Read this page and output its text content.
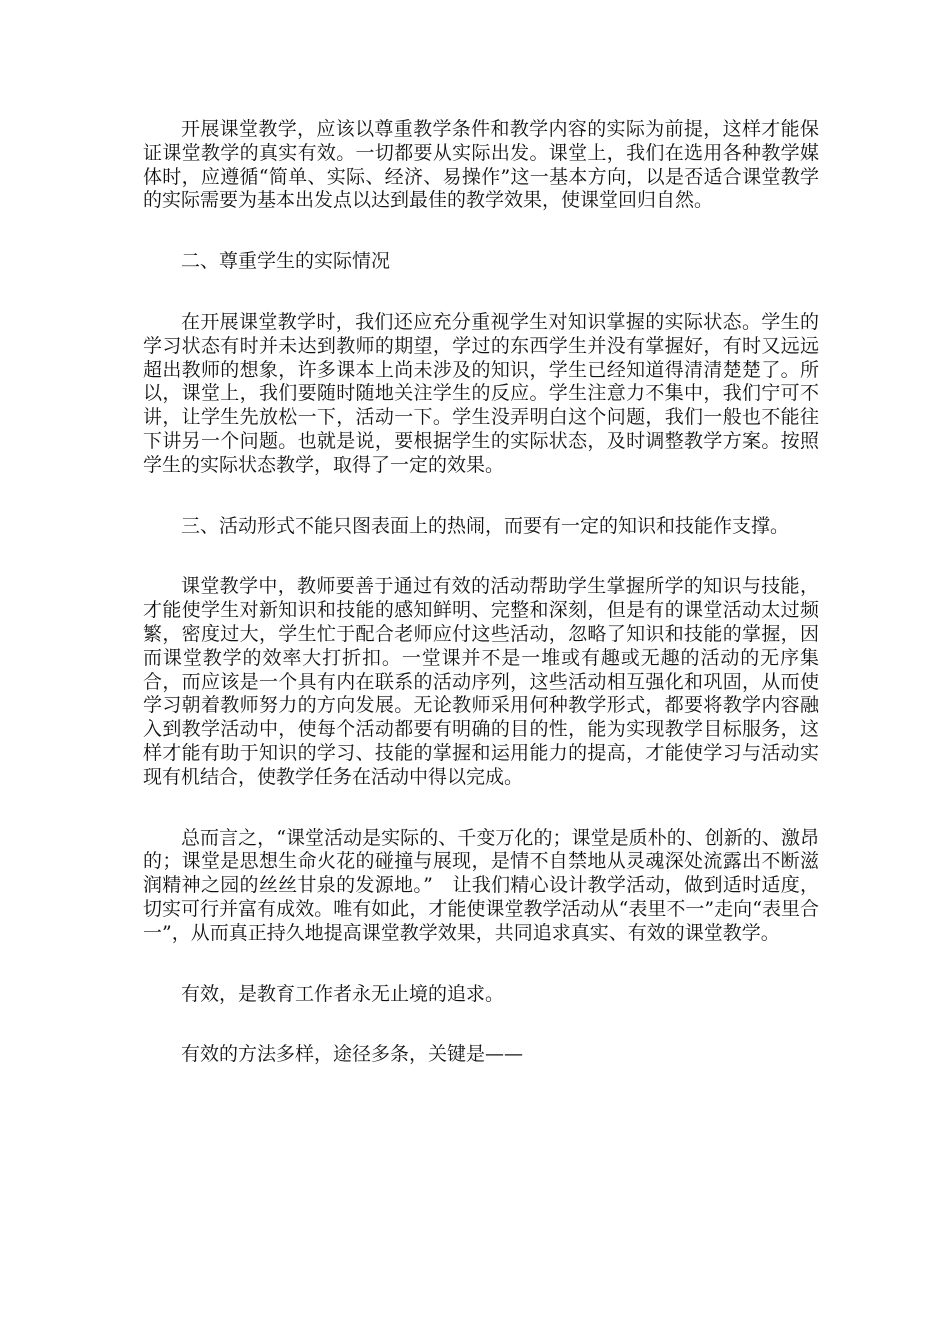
开展课堂教学，应该以尊重教学条件和教学内容的实际为前提，这样才能保证课堂教学的真实有效。一切都要从实际出发。课堂上，我们在选用各种教学媒体时，应遵循“简单、实际、经济、易操作”这一基本方向，以是否适合课堂教学的实际需要为基本出发点以达到最佳的教学效果，使课堂回归自然。

二、尊重学生的实际情况

在开展课堂教学时，我们还应充分重视学生对知识掌握的实际状态。学生的学习状态有时并未达到教师的期望，学过的东西学生并没有掌握好，有时又远远超出教师的想象，许多课本上尚未涉及的知识，学生已经知道得清清楚楚了。所以，课堂上，我们要随时随地关注学生的反应。学生注意力不集中，我们宁可不讲，让学生先放松一下，活动一下。学生没弄明白这个问题，我们一般也不能往下讲另一个问题。也就是说，要根据学生的实际状态，及时调整教学方案。按照学生的实际状态教学，取得了一定的效果。

三、活动形式不能只图表面上的热闹，而要有一定的知识和技能作支撑。

课堂教学中，教师要善于通过有效的活动帮助学生掌握所学的知识与技能，才能使学生对新知识和技能的感知鲜明、完整和深刻，但是有的课堂活动太过频繁，密度过大，学生忙于配合老师应付这些活动，忽略了知识和技能的掌握，因而课堂教学的效率大打折扣。一堂课并不是一堆或有趣或无趣的活动的无序集合，而应该是一个具有内在联系的活动序列，这些活动相互强化和巩固，从而使学习朝着教师努力的方向发展。无论教师采用何种教学形式，都要将教学内容融入到教学活动中，使每个活动都要有明确的目的性，能为实现教学目标服务，这样才能有助于知识的学习、技能的掌握和运用能力的提高，才能使学习与活动实现有机结合，使教学任务在活动中得以完成。

总而言之，“课堂活动是实际的、千变万化的；课堂是质朴的、创新的、激昂的；课堂是思想生命火花的碰撞与展现，是情不自禁地从灵魂深处流露出不断滋润精神之园的丝丝甘泉的发源地。”　让我们精心设计教学活动，做到适时适度，切实可行并富有成效。唯有如此，才能使课堂教学活动从“表里不一”走向“表里合一”，从而真正持久地提高课堂教学效果，共同追求真实、有效的课堂教学。

有效，是教育工作者永无止境的追求。

有效的方法多样，途径多条，关键是——
